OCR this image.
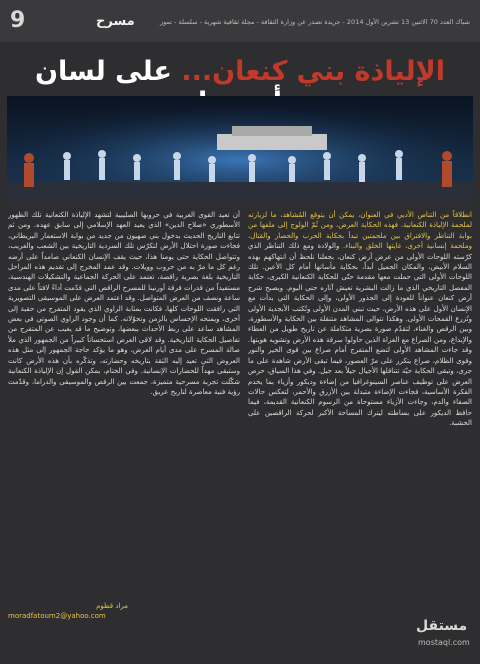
9	مسرح	شباك العدد 70 الاثنين 13 تشرين الأول 2014 - جريدة تصدر عن وزارة الثقافة - مجلة ثقافية شهرية - سلسلة - تموز
الإلياذة بني كنعان... على لسان

انطلاقاً من التناص الأدبي في العنوان، يمكن أن يتوقع المُشاهد، ما لزيارته لملحمة الإلياذة الكنعانية. فهذه الحكاية العرض، ومن ثُمّ الولوج إلى ملفها من بوابة التناظر والافتراق بين ملحمتين تبدأ بحكاية الحرب والحصار والقتال، وملحمة إنسانية أخرى، غايتها الخلق والبناء. والولادة ومع ذلك التناظر الذي كرّسته اللوحات الأولى من عرض أرض كنعان، بجعلنا نلحظ أن انتهاكهم بهذه السلام الأبيض، والمكان الجميل أبداً، بحكاية مأساتها أمام كل الأعين. تلك اللوحات الأولى التي حملت معها مقدمة حتّى للحكاية الكنعانية الكبرى، حكاية المفصل التاريخي الذي ما زالت البشرية تعيش آثاره حتى اليوم. ويصبح شرح أرض كنعان عنواناً للعودة إلى الجذور الأولى، وإلى الحكاية التي بدأت مع الإنسان الأول على هذه الأرض، حيث تبني المدن الأولى وتُكتب الأبجدية الأولى وتُزرع القمحات الأولى. وهكذا تتوالى المشاهد متنقلة بين الحكاية والأسطورة، وبين الرقص والغناء، لتقدّم صورة بصرية متكاملة عن تاريخ طويل من العطاء والإبداع، ومن الصراع مع الغزاة الذين حاولوا سرقة هذه الأرض وتشويه هويتها. وقد جاءت المشاهد الأولى لتضع المتفرج أمام صراع بين قوى الخير والنور وقوى الظلام، صراع يتكرر على مرّ العصور، فيما تبقى الأرض شاهدة على ما جرى، وتبقى الحكاية حيّة تتناقلها الأجيال جيلاً بعد جيل. وفي هذا السياق، حرص العرض على توظيف عناصر السينوغرافيا من إضاءة وديكور وأزياء بما يخدم الفكرة الأساسية، فجاءت الإضاءة متبدلة بين الأزرق والأحمر، لتعكس حالات الصفاء والدم، وجاءت الأزياء مستوحاة من الرسوم الكنعانية القديمة، فيما حافظ الديكور على بساطته ليترك المساحة الأكبر لحركة الراقصين على الخشبة.

أن تعيد القوى الغربية في حروبها الصليبية لتشهد الإلياذة الكنعانية تلك الظهور الأسطوري «صلاح الدين» الذي يعيد العهد الإسلامي إلى سابق عهده. ومن ثم تتابع التاريخ الحديث بدخول بني صهيون من جديد من بوابة الاستعمار البريطاني، فجاءت صورة احتلال الأرض لتكرّس تلك السردية التاريخية بين الشعب والغريب، وتتواصل الحكاية حتى يومنا هذا، حيث يقف الإنسان الكنعاني صامداً على أرضه رغم كل ما مرّ به من حروب وويلات. وقد عمد المخرج إلى تقديم هذه المراحل التاريخية بلغة بصرية راقصة، تعتمد على الحركة الجماعية والتشكيلات الهندسية، مستفيداً من قدرات فرقة أورنينا للمسرح الراقص التي قدّمت أداءً لافتاً على مدى ساعة ونصف من العرض المتواصل. وقد اعتمد العرض على الموسيقى التصويرية التي رافقت اللوحات كلها، فكانت بمثابة الراوي الذي يقود المتفرج من حقبة إلى أخرى، ويمنحه الإحساس بالزمن وتحوّلاته. كما أن وجود الراوي الصوتي في بعض المشاهد ساعد على ربط الأحداث ببعضها، وتوضيح ما قد يغيب عن المتفرج من تفاصيل الحكاية التاريخية. وقد لاقى العرض استحساناً كبيراً من الجمهور الذي ملأ صالة المسرح على مدى أيام العرض، وهو ما يؤكد حاجة الجمهور إلى مثل هذه العروض التي تعيد إليه الثقة بتاريخه وحضارته، وتذكّره بأن هذه الأرض كانت وستبقى مهداً للحضارات الإنسانية. وفي الختام، يمكن القول إن الإلياذة الكنعانية شكّلت تجربة مسرحية متميزة، جمعت بين الرقص والموسيقى والدراما، وقدّمت رؤية فنية معاصرة لتاريخ عريق.

مراد قطوم
moradfatoum2@yahoo.com
مستقل
mostaql.com
